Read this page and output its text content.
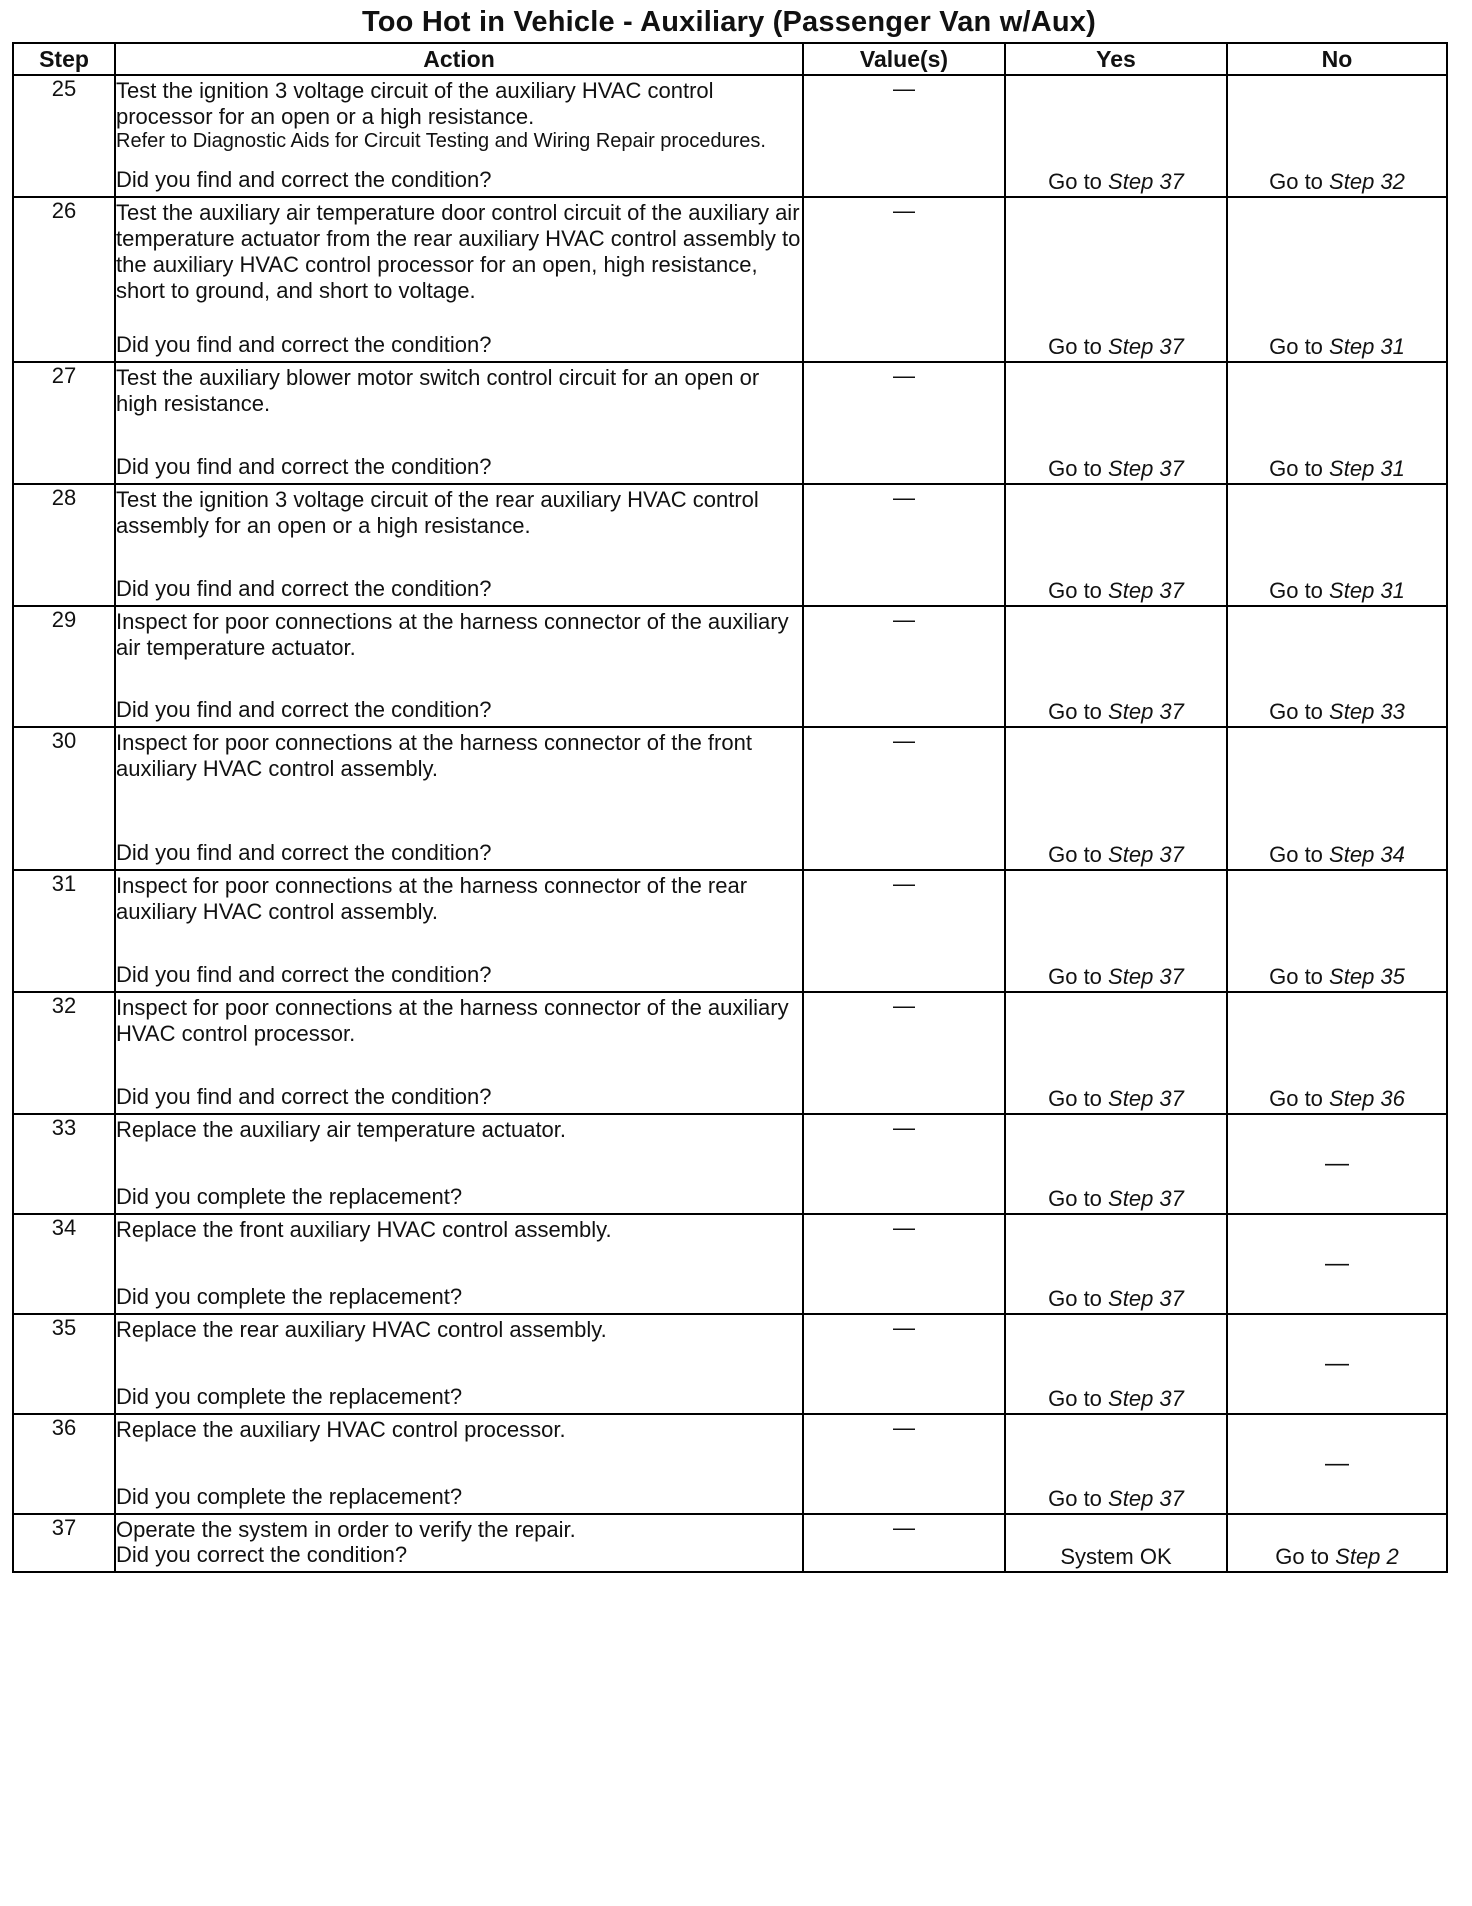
Too Hot in Vehicle - Auxiliary (Passenger Van w/Aux)
Step	Action	Value(s)	Yes	No
25	Test the ignition 3 voltage circuit of the auxiliary HVAC control processor for an open or a high resistance.
Refer to Diagnostic Aids for Circuit Testing and Wiring Repair procedures.
Did you find and correct the condition?	—	Go to Step 37	Go to Step 32

26	Test the auxiliary air temperature door control circuit of the auxiliary air temperature actuator from the rear auxiliary HVAC control assembly to the auxiliary HVAC control processor for an open, high resistance, short to ground, and short to voltage.
Did you find and correct the condition?	—	Go to Step 37	Go to Step 31

27	Test the auxiliary blower motor switch control circuit for an open or high resistance.
Did you find and correct the condition?	—	Go to Step 37	Go to Step 31

28	Test the ignition 3 voltage circuit of the rear auxiliary HVAC control assembly for an open or a high resistance.
Did you find and correct the condition?	—	Go to Step 37	Go to Step 31

29	Inspect for poor connections at the harness connector of the auxiliary air temperature actuator.
Did you find and correct the condition?	—	Go to Step 37	Go to Step 33

30	Inspect for poor connections at the harness connector of the front auxiliary HVAC control assembly.
Did you find and correct the condition?	—	Go to Step 37	Go to Step 34

31	Inspect for poor connections at the harness connector of the rear auxiliary HVAC control assembly.
Did you find and correct the condition?	—	Go to Step 37	Go to Step 35

32	Inspect for poor connections at the harness connector of the auxiliary HVAC control processor.
Did you find and correct the condition?	—	Go to Step 37	Go to Step 36

33	Replace the auxiliary air temperature actuator.
Did you complete the replacement?	—	Go to Step 37	—

34	Replace the front auxiliary HVAC control assembly.
Did you complete the replacement?	—	Go to Step 37	—

35	Replace the rear auxiliary HVAC control assembly.
Did you complete the replacement?	—	Go to Step 37	—

36	Replace the auxiliary HVAC control processor.
Did you complete the replacement?	—	Go to Step 37	—

37	Operate the system in order to verify the repair.
Did you correct the condition?	—	System OK	Go to Step 2
